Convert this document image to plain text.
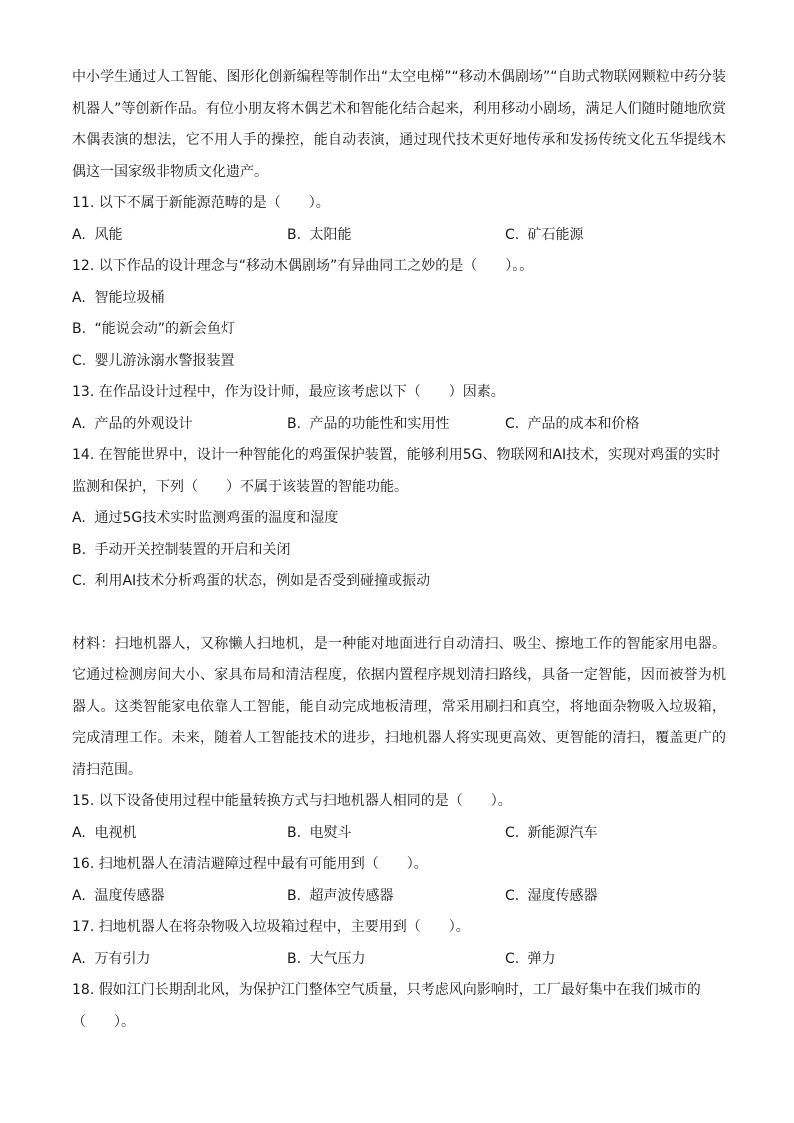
中小学生通过人工智能、图形化创新编程等制作出“太空电梯”“移动木偶剧场”“自助式物联网颗粒中药分装机器人”等创新作品。有位小朋友将木偶艺术和智能化结合起来，利用移动小剧场，满足人们随时随地欣赏木偶表演的想法，它不用人手的操控，能自动表演，通过现代技术更好地传承和发扬传统文化五华提线木偶这一国家级非物质文化遗产。

11. 以下不属于新能源范畴的是（　　）。

A. 风能	B. 太阳能	C. 矿石能源

12. 以下作品的设计理念与“移动木偶剧场”有异曲同工之妙的是（　　）。。

A. 智能垃圾桶
B. “能说会动”的新会鱼灯
C. 婴儿游泳溺水警报装置

13. 在作品设计过程中，作为设计师，最应该考虑以下（　　）因素。

A. 产品的外观设计	B. 产品的功能性和实用性	C. 产品的成本和价格

14. 在智能世界中，设计一种智能化的鸡蛋保护装置，能够利用5G、物联网和AI技术，实现对鸡蛋的实时监测和保护，下列（　　）不属于该装置的智能功能。

A. 通过5G技术实时监测鸡蛋的温度和湿度
B. 手动开关控制装置的开启和关闭
C. 利用AI技术分析鸡蛋的状态，例如是否受到碰撞或振动

材料：扫地机器人，又称懒人扫地机，是一种能对地面进行自动清扫、吸尘、擦地工作的智能家用电器。它通过检测房间大小、家具布局和清洁程度，依据内置程序规划清扫路线，具备一定智能，因而被誉为机器人。这类智能家电依靠人工智能，能自动完成地板清理，常采用刷扫和真空，将地面杂物吸入垃圾箱，完成清理工作。未来，随着人工智能技术的进步，扫地机器人将实现更高效、更智能的清扫，覆盖更广的清扫范围。

15. 以下设备使用过程中能量转换方式与扫地机器人相同的是（　　）。

A. 电视机	B. 电熨斗	C. 新能源汽车

16. 扫地机器人在清洁避障过程中最有可能用到（　　）。

A. 温度传感器	B. 超声波传感器	C. 湿度传感器

17. 扫地机器人在将杂物吸入垃圾箱过程中，主要用到（　　）。

A. 万有引力	B. 大气压力	C. 弹力

18. 假如江门长期刮北风，为保护江门整体空气质量，只考虑风向影响时，工厂最好集中在我们城市的（　　）。
